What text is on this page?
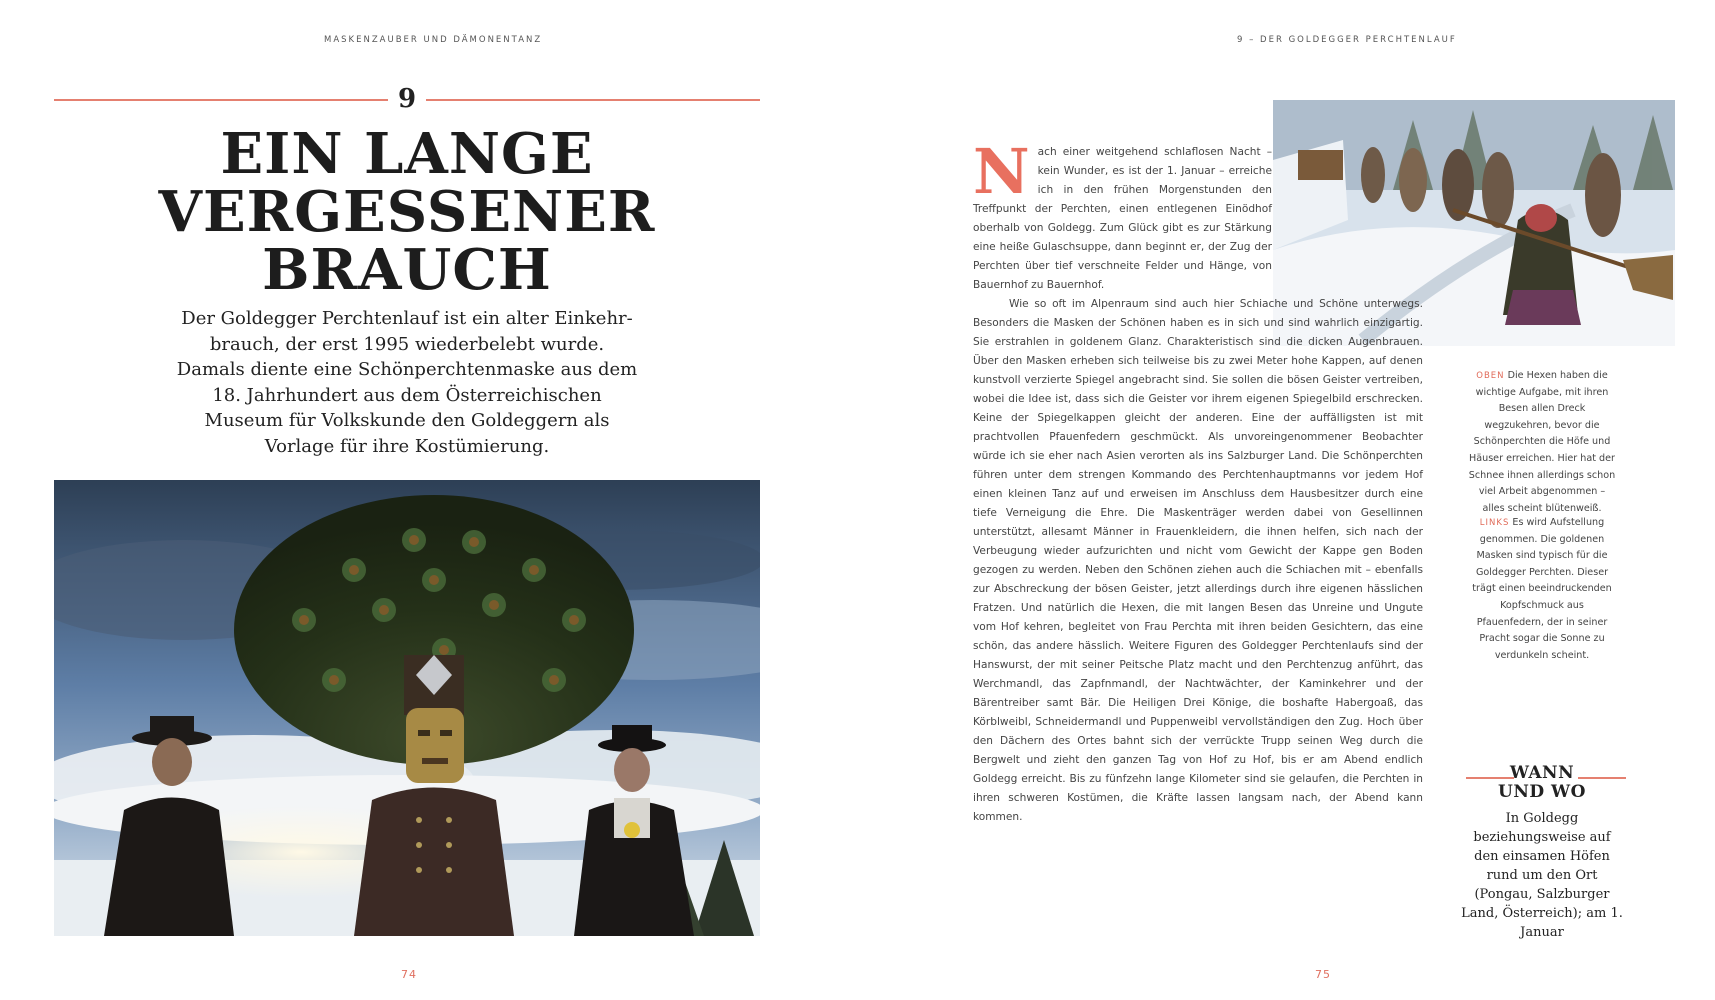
MASKENZAUBER UND DÄMONENTANZ	9 – DER GOLDEGGER PERCHTENLAUF
9
EIN LANGE
VERGESSENER
BRAUCH
Der Goldegger Perchtenlauf ist ein alter Einkehr-
brauch, der erst 1995 wiederbelebt wurde.
Damals diente eine Schönperchtenmaske aus dem
18. Jahrhundert aus dem Österreichischen
Museum für Volkskunde den Goldeggern als
Vorlage für ihre Kostümierung.
N ach einer weitgehend schlaflosen Nacht – kein Wunder, es ist der 1. Januar – erreiche ich in den frühen Morgenstunden den Treffpunkt der Perchten, einen entlegenen Einödhof oberhalb von Goldegg. Zum Glück gibt es zur Stärkung eine heiße Gulaschsuppe, dann beginnt er, der Zug der Perchten über tief verschneite Felder und Hänge, von Bauernhof zu Bauernhof.

Wie so oft im Alpenraum sind auch hier Schiache und Schöne unterwegs. Besonders die Masken der Schönen haben es in sich und sind wahrlich einzigartig. Sie erstrahlen in goldenem Glanz. Charakteristisch sind die dicken Augenbrauen. Über den Masken erheben sich teilweise bis zu zwei Meter hohe Kappen, auf denen kunstvoll verzierte Spiegel angebracht sind. Sie sollen die bösen Geister vertreiben, wobei die Idee ist, dass sich die Geister vor ihrem eigenen Spiegelbild erschrecken. Keine der Spiegelkappen gleicht der anderen. Eine der auffälligsten ist mit prachtvollen Pfauenfedern geschmückt. Als unvoreingenommener Beobachter würde ich sie eher nach Asien verorten als ins Salzburger Land. Die Schönperchten führen unter dem strengen Kommando des Perchtenhauptmanns vor jedem Hof einen kleinen Tanz auf und erweisen im Anschluss dem Hausbesitzer durch eine tiefe Verneigung die Ehre. Die Maskenträger werden dabei von Gesellinnen unterstützt, allesamt Männer in Frauenkleidern, die ihnen helfen, sich nach der Verbeugung wieder aufzurichten und nicht vom Gewicht der Kappe gen Boden gezogen zu werden. Neben den Schönen ziehen auch die Schiachen mit – ebenfalls zur Abschreckung der bösen Geister, jetzt allerdings durch ihre eigenen hässlichen Fratzen. Und natürlich die Hexen, die mit langen Besen das Unreine und Ungute vom Hof kehren, begleitet von Frau Perchta mit ihren beiden Gesichtern, das eine schön, das andere hässlich. Weitere Figuren des Goldegger Perchtenlaufs sind der Hanswurst, der mit seiner Peitsche Platz macht und den Perchtenzug anführt, das Werchmandl, das Zapfnmandl, der Nachtwächter, der Kaminkehrer und der Bärentreiber samt Bär. Die Heiligen Drei Könige, die boshafte Habergoaß, das Körblweibl, Schneidermandl und Puppenweibl vervollständigen den Zug. Hoch über den Dächern des Ortes bahnt sich der verrückte Trupp seinen Weg durch die Bergwelt und zieht den ganzen Tag von Hof zu Hof, bis er am Abend endlich Goldegg erreicht. Bis zu fünfzehn lange Kilometer sind sie gelaufen, die Perchten in ihren schweren Kostümen, die Kräfte lassen langsam nach, der Abend kann kommen.

OBEN Die Hexen haben die wichtige Aufgabe, mit ihren Besen allen Dreck wegzukehren, bevor die Schönperchten die Höfe und Häuser erreichen. Hier hat der Schnee ihnen allerdings schon viel Arbeit abgenommen – alles scheint blütenweiß.
LINKS Es wird Aufstellung genommen. Die goldenen Masken sind typisch für die Goldegger Perchten. Dieser trägt einen beeindruckenden Kopfschmuck aus Pfauenfedern, der in seiner Pracht sogar die Sonne zu verdunkeln scheint.
WANN
UND WO
In Goldegg beziehungsweise auf den einsamen Höfen rund um den Ort (Pongau, Salzburger Land, Österreich); am 1. Januar
74	75
